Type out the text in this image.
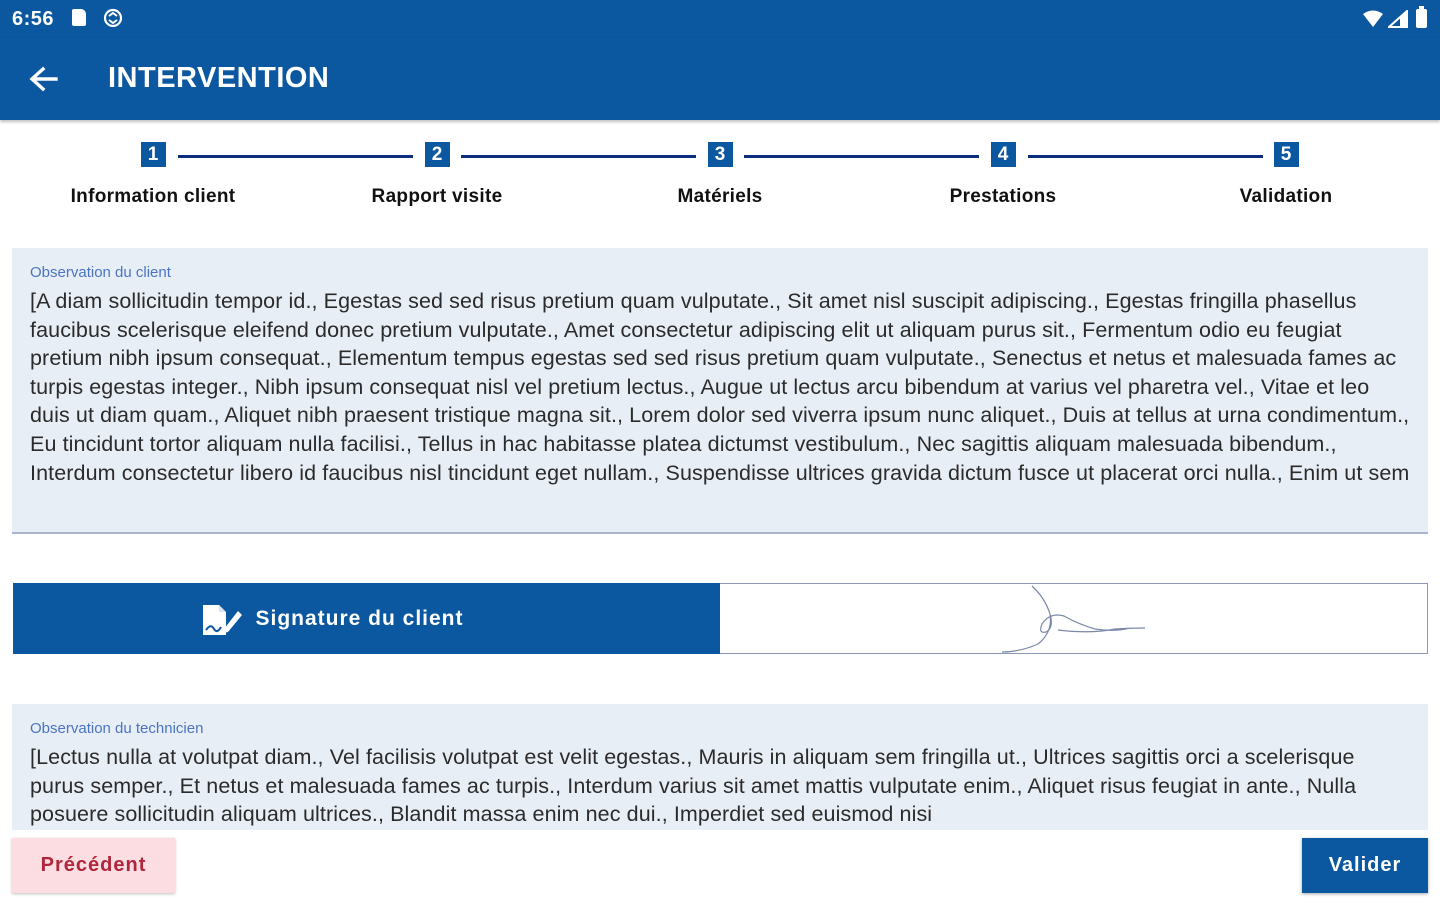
6:56
INTERVENTION
1
Information client
2
Rapport visite
3
Matériels
4
Prestations
5
Validation
Observation du client
[A diam sollicitudin tempor id., Egestas sed sed risus pretium quam vulputate., Sit amet nisl suscipit adipiscing., Egestas fringilla phasellus faucibus scelerisque eleifend donec pretium vulputate., Amet consectetur adipiscing elit ut aliquam purus sit., Fermentum odio eu feugiat pretium nibh ipsum consequat., Elementum tempus egestas sed sed risus pretium quam vulputate., Senectus et netus et malesuada fames ac turpis egestas integer., Nibh ipsum consequat nisl vel pretium lectus., Augue ut lectus arcu bibendum at varius vel pharetra vel., Vitae et leo duis ut diam quam., Aliquet nibh praesent tristique magna sit., Lorem dolor sed viverra ipsum nunc aliquet., Duis at tellus at urna condimentum., Eu tincidunt tortor aliquam nulla facilisi., Tellus in hac habitasse platea dictumst vestibulum., Nec sagittis aliquam malesuada bibendum., Interdum consectetur libero id faucibus nisl tincidunt eget nullam., Suspendisse ultrices gravida dictum fusce ut placerat orci nulla., Enim ut sem
Signature du client
Observation du technicien
[Lectus nulla at volutpat diam., Vel facilisis volutpat est velit egestas., Mauris in aliquam sem fringilla ut., Ultrices sagittis orci a scelerisque purus semper., Et netus et malesuada fames ac turpis., Interdum varius sit amet mattis vulputate enim., Aliquet risus feugiat in ante., Nulla posuere sollicitudin aliquam ultrices., Blandit massa enim nec dui., Imperdiet sed euismod nisi
Précédent	Valider
